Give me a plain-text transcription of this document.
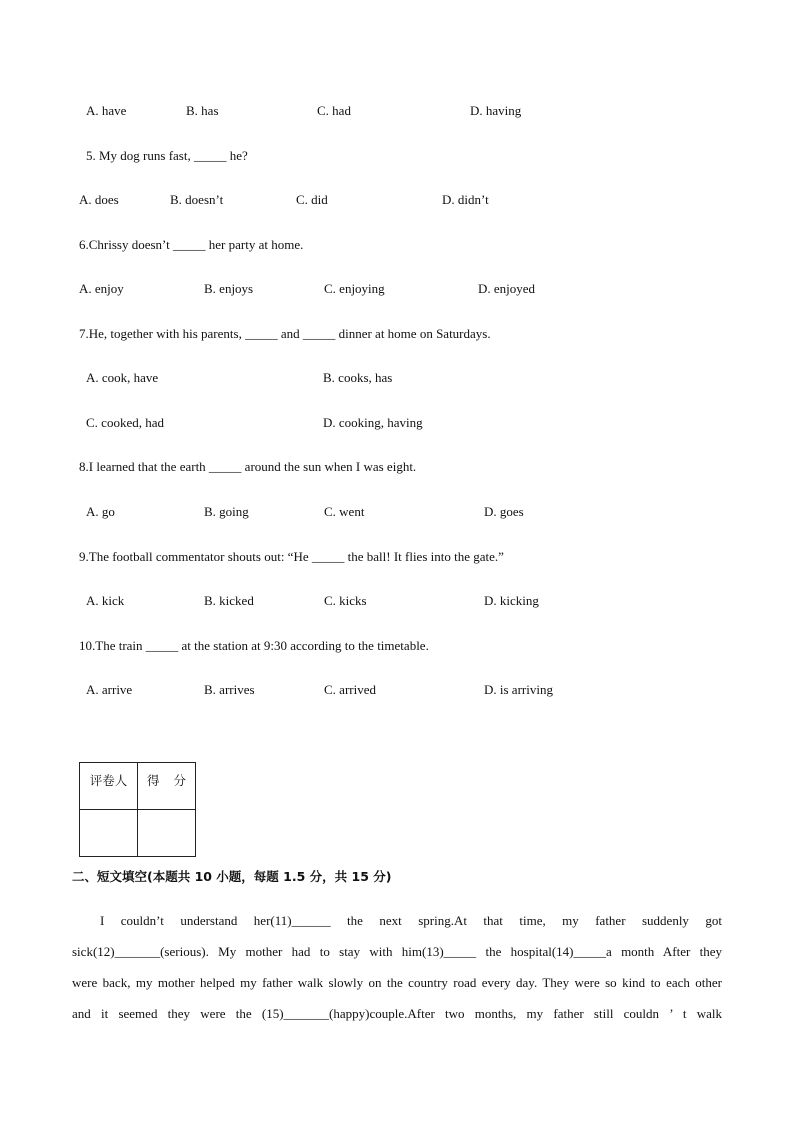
A. have	B. has	C. had	D. having
5. My dog runs fast, _____ he?
A. does	B. doesn’t	C. did	D. didn’t
6.Chrissy doesn’t _____ her party at home.
A. enjoy	B. enjoys	C. enjoying	D. enjoyed
7.He, together with his parents, _____ and _____ dinner at home on Saturdays.
A. cook, have	B. cooks, has
C. cooked, had	D. cooking, having
8.I learned that the earth _____ around the sun when I was eight.
A. go	B. going	C. went	D. goes
9.The football commentator shouts out: “He _____ the ball! It flies into the gate.”
A. kick	B. kicked	C. kicks	D. kicking
10.The train _____ at the station at 9:30 according to the timetable.
A. arrive	B. arrives	C. arrived	D. is arriving
评卷人	得 分

二、短文填空(本题共 10 小题，每题 1.5 分，共 15 分)
I couldn’t understand her(11)______ the next spring.At that time, my father suddenly got
sick(12)_______(serious). My mother had to stay with him(13)_____ the hospital(14)_____a month After they
were back, my mother helped my father walk slowly on the country road every day. They were so kind to each other
and it seemed they were the (15)_______(happy)couple.After two months, my father still couldn ’ t walk
